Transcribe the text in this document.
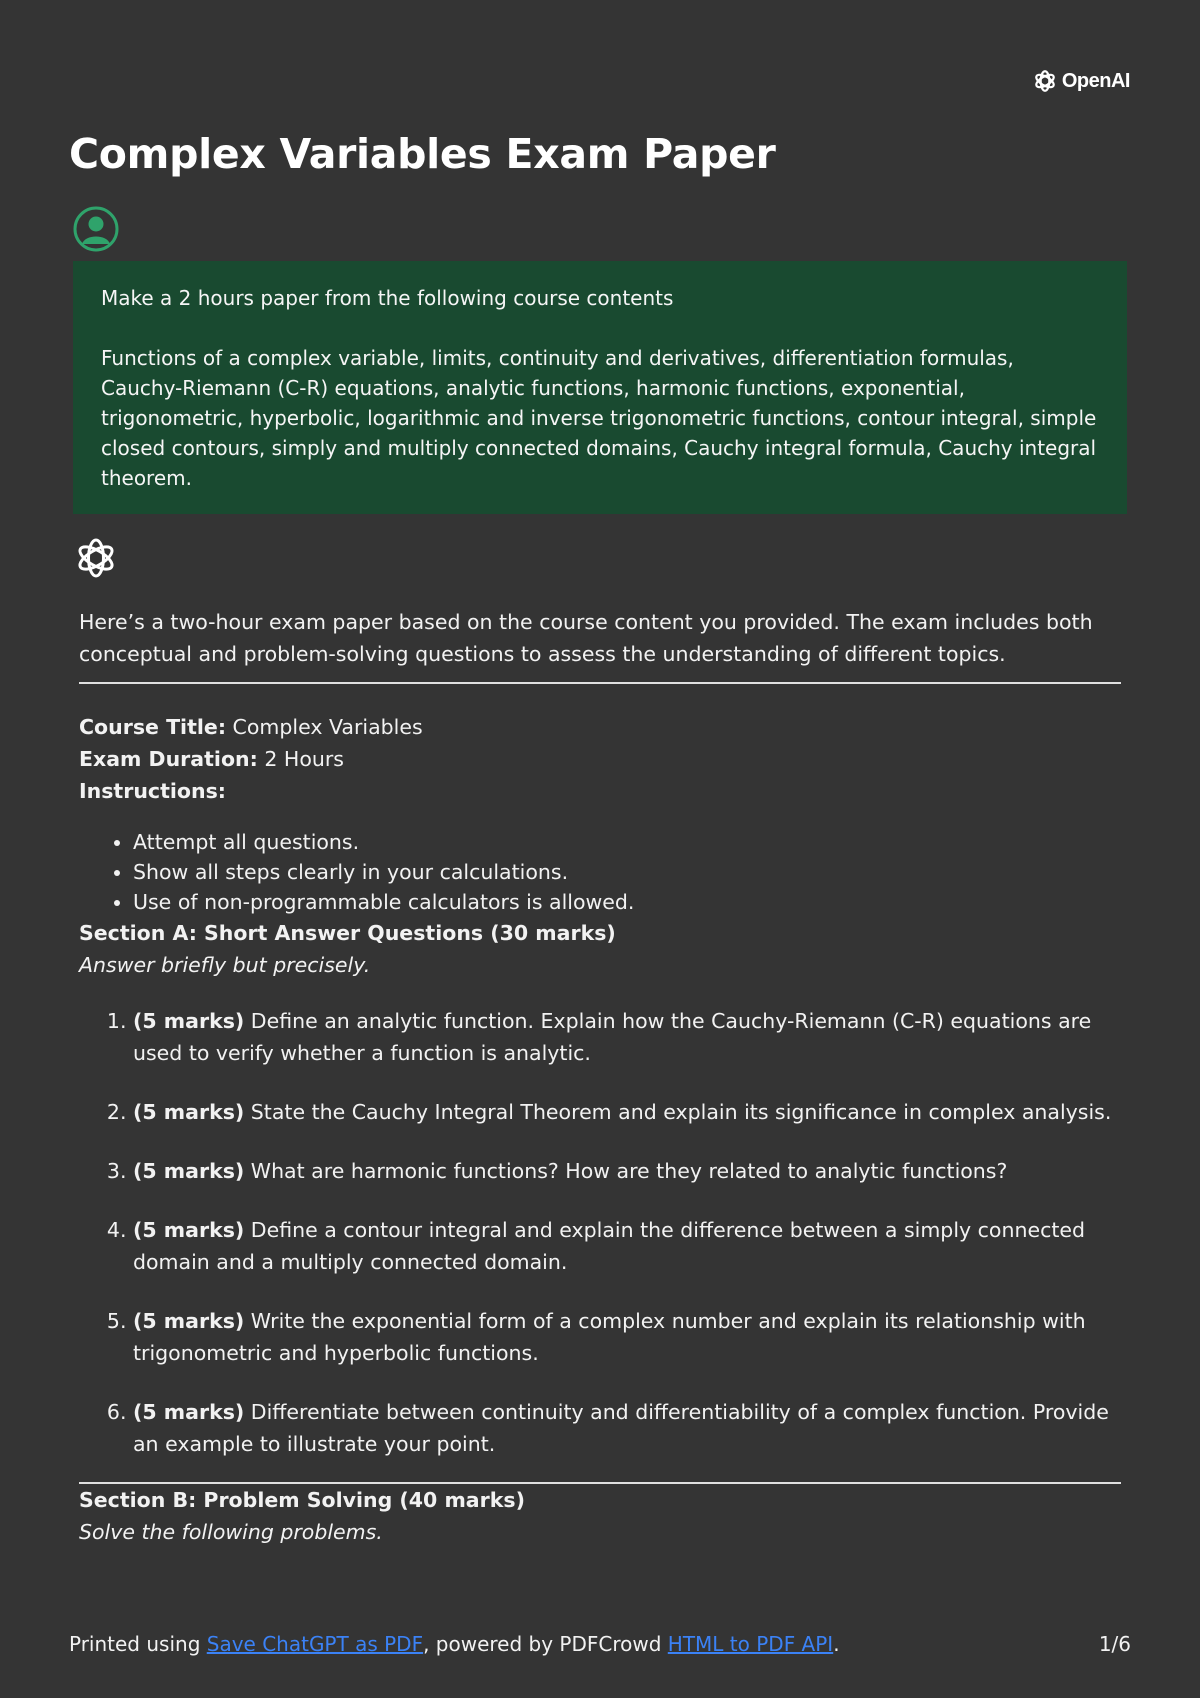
OpenAI
Complex Variables Exam Paper

Make a 2 hours paper from the following course contents

Functions of a complex variable, limits, continuity and derivatives, differentiation formulas, Cauchy-Riemann (C-R) equations, analytic functions, harmonic functions, exponential, trigonometric, hyperbolic, logarithmic and inverse trigonometric functions, contour integral, simple closed contours, simply and multiply connected domains, Cauchy integral formula, Cauchy integral theorem.

Here’s a two-hour exam paper based on the course content you provided. The exam includes both conceptual and problem-solving questions to assess the understanding of different topics.

Course Title: Complex Variables
Exam Duration: 2 Hours
Instructions:
• Attempt all questions.
• Show all steps clearly in your calculations.
• Use of non-programmable calculators is allowed.

Section A: Short Answer Questions (30 marks)

Answer briefly but precisely.

1. (5 marks) Define an analytic function. Explain how the Cauchy-Riemann (C-R) equations are used to verify whether a function is analytic.
2. (5 marks) State the Cauchy Integral Theorem and explain its significance in complex analysis.
3. (5 marks) What are harmonic functions? How are they related to analytic functions?
4. (5 marks) Define a contour integral and explain the difference between a simply connected domain and a multiply connected domain.
5. (5 marks) Write the exponential form of a complex number and explain its relationship with trigonometric and hyperbolic functions.
6. (5 marks) Differentiate between continuity and differentiability of a complex function. Provide an example to illustrate your point.

Section B: Problem Solving (40 marks)

Solve the following problems.

Printed using Save ChatGPT as PDF, powered by PDFCrowd HTML to PDF API.	1/6
